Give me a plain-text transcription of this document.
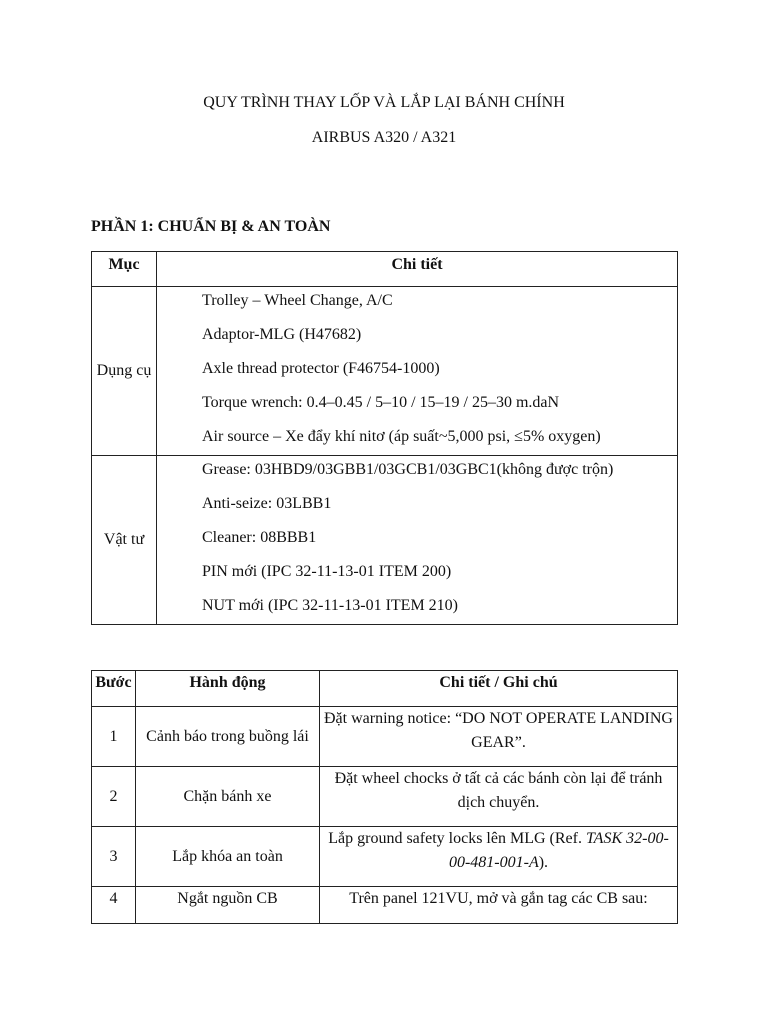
QUY TRÌNH THAY LỐP VÀ LẮP LẠI BÁNH CHÍNH
AIRBUS A320 / A321
PHẦN 1: CHUẨN BỊ & AN TOÀN
Mục	Chi tiết
Dụng cụ	Trolley – Wheel Change, A/C
Adaptor-MLG (H47682)
Axle thread protector (F46754-1000)
Torque wrench: 0.4–0.45 / 5–10 / 15–19 / 25–30 m.daN
Air source – Xe đẩy khí nitơ (áp suất~5,000 psi, ≤5% oxygen)

Vật tư	Grease: 03HBD9/03GBB1/03GCB1/03GBC1(không được trộn)
Anti-seize: 03LBB1
Cleaner: 08BBB1
PIN mới (IPC 32-11-13-01 ITEM 200)
NUT mới (IPC 32-11-13-01 ITEM 210)
Bước	Hành động	Chi tiết / Ghi chú
1	Cảnh báo trong buồng lái	Đặt warning notice: “DO NOT OPERATE LANDING GEAR”.
2	Chặn bánh xe	Đặt wheel chocks ở tất cả các bánh còn lại để tránh dịch chuyển.
3	Lắp khóa an toàn	Lắp ground safety locks lên MLG (Ref. TASK 32-00-00-481-001-A).
4	Ngắt nguồn CB	Trên panel 121VU, mở và gắn tag các CB sau:
